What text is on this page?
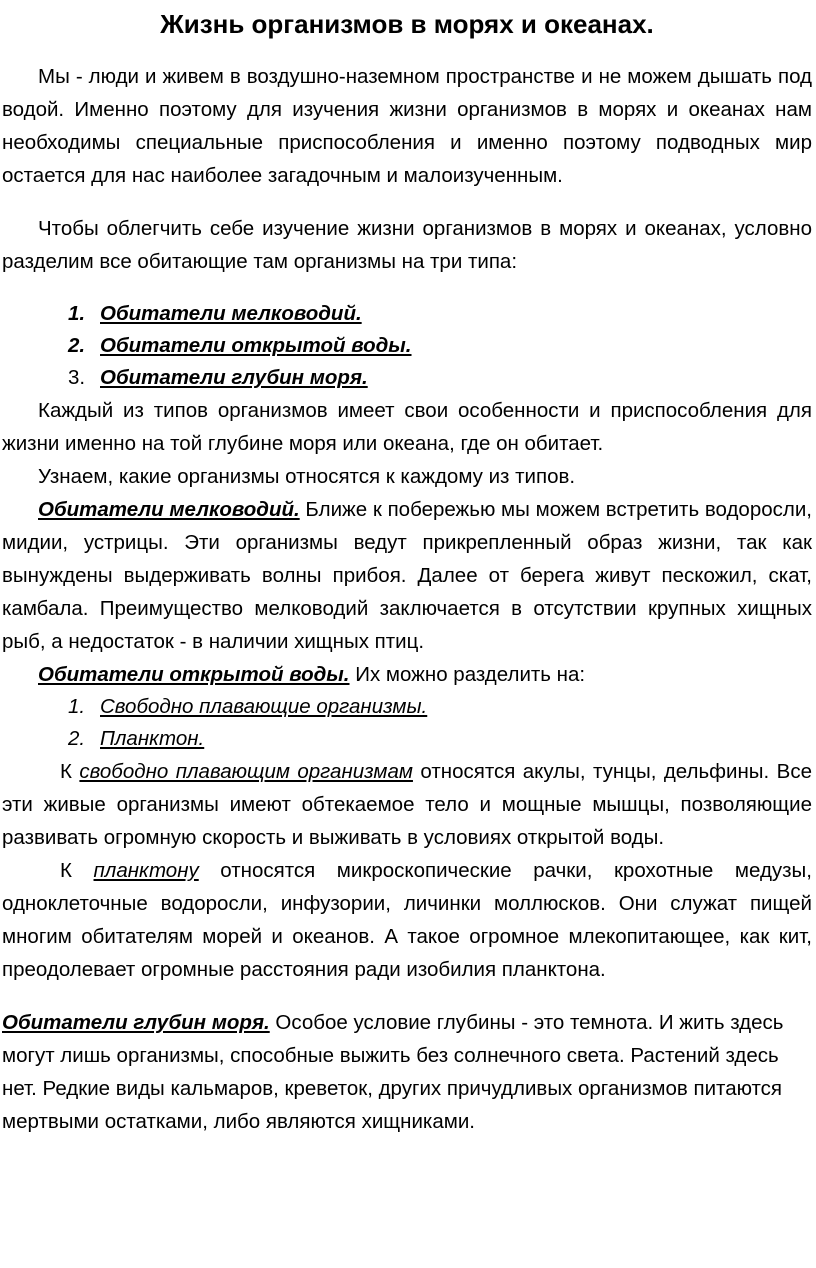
Жизнь организмов в морях и океанах.

Мы - люди и живем в воздушно-наземном пространстве и не можем дышать под водой. Именно поэтому для изучения жизни организмов в морях и океанах нам необходимы специальные приспособления и именно поэтому подводных мир остается для нас наиболее загадочным и малоизученным.

Чтобы облегчить себе изучение жизни организмов в морях и океанах, условно разделим все обитающие там организмы на три типа:

1. Обитатели мелководий.
2. Обитатели открытой воды.
3. Обитатели глубин моря.

Каждый из типов организмов имеет свои особенности и приспособления для жизни именно на той глубине моря или океана, где он обитает.

Узнаем, какие организмы относятся к каждому из типов.

Обитатели мелководий. Ближе к побережью мы можем встретить водоросли, мидии, устрицы. Эти организмы ведут прикрепленный образ жизни, так как вынуждены выдерживать волны прибоя. Далее от берега живут пескожил, скат, камбала. Преимущество мелководий заключается в отсутствии крупных хищных рыб, а недостаток - в наличии хищных птиц.

Обитатели открытой воды. Их можно разделить на:

1. Свободно плавающие организмы.
2. Планктон.

К свободно плавающим организмам относятся акулы, тунцы, дельфины. Все эти живые организмы имеют обтекаемое тело и мощные мышцы, позволяющие развивать огромную скорость и выживать в условиях открытой воды.

К планктону относятся микроскопические рачки, крохотные медузы, одноклеточные водоросли, инфузории, личинки моллюсков. Они служат пищей многим обитателям морей и океанов. А такое огромное млекопитающее, как кит, преодолевает огромные расстояния ради изобилия планктона.

Обитатели глубин моря. Особое условие глубины - это темнота. И жить здесь могут лишь организмы, способные выжить без солнечного света. Растений здесь нет. Редкие виды кальмаров, креветок, других причудливых организмов питаются мертвыми остатками, либо являются хищниками.
